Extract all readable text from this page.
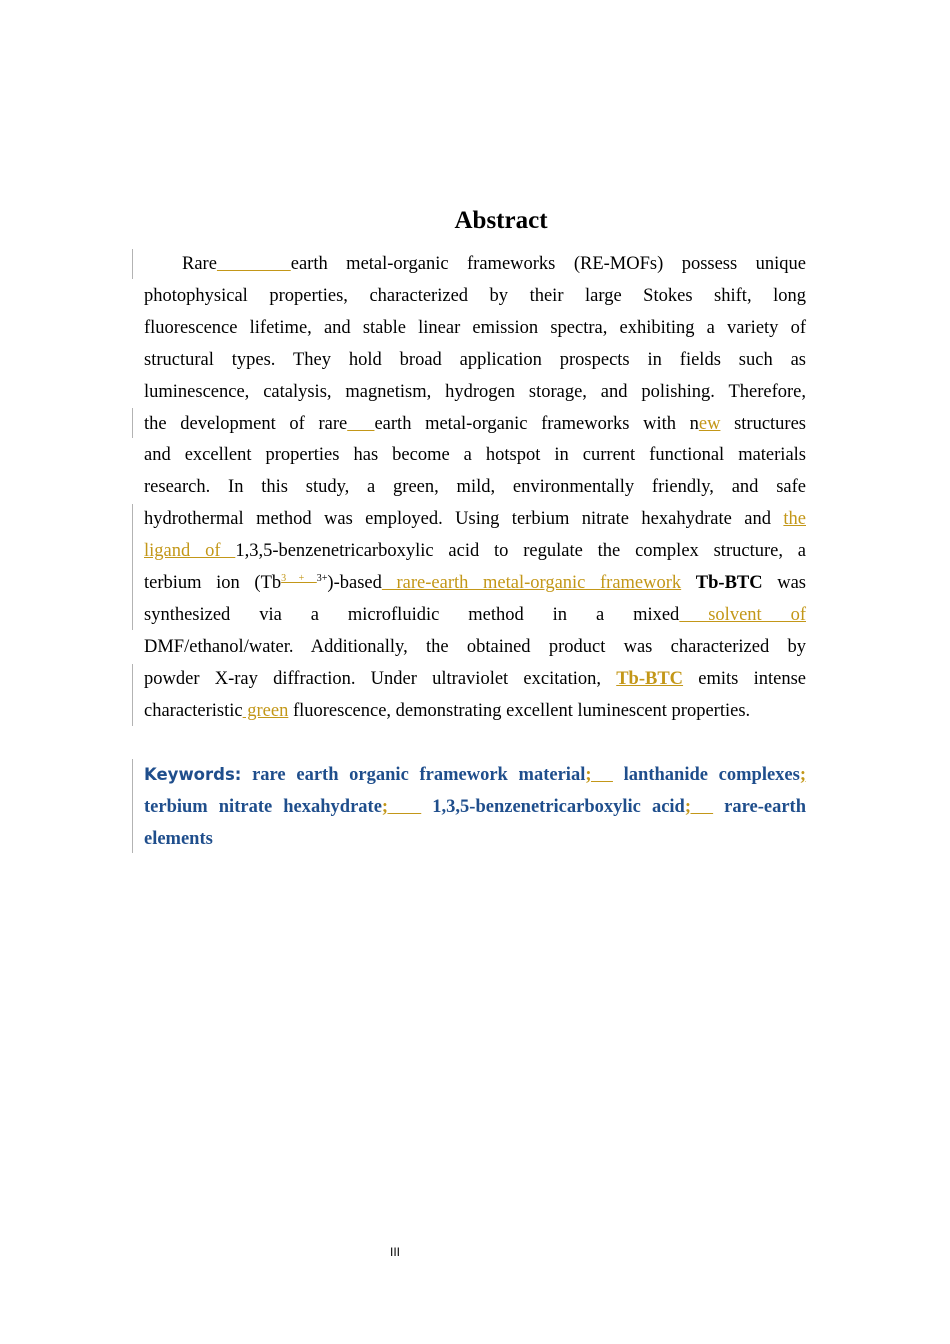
Abstract
Rare	earth metal-organic frameworks (RE-MOFs) possess unique
photophysical properties, characterized by their large Stokes shift, long
fluorescence lifetime, and stable linear emission spectra, exhibiting a variety of
structural types. They hold broad application prospects in fields such as
luminescence, catalysis, magnetism, hydrogen storage, and polishing. Therefore,
the development of rare earth metal-organic frameworks with new structures
and excellent properties has become a hotspot in current functional materials
research. In this study, a green, mild, environmentally friendly, and safe
hydrothermal method was employed. Using terbium nitrate hexahydrate and the
ligand of 1,3,5-benzenetricarboxylic acid to regulate the complex structure, a
terbium ion ($Tb^{3 +}$ $^{3+}$)-based rare-earth metal-organic framework Tb-BTC was
synthesized via a microfluidic method in a mixed solvent of
DMF/ethanol/water. Additionally, the obtained product was characterized by
powder X-ray diffraction. Under ultraviolet excitation, Tb-BTC emits intense
characteristic green fluorescence, demonstrating excellent luminescent properties.
Keywords: rare earth organic framework material;   lanthanide complexes;
terbium nitrate hexahydrate;    1,3,5-benzenetricarboxylic acid;   rare-earth
elements
III
